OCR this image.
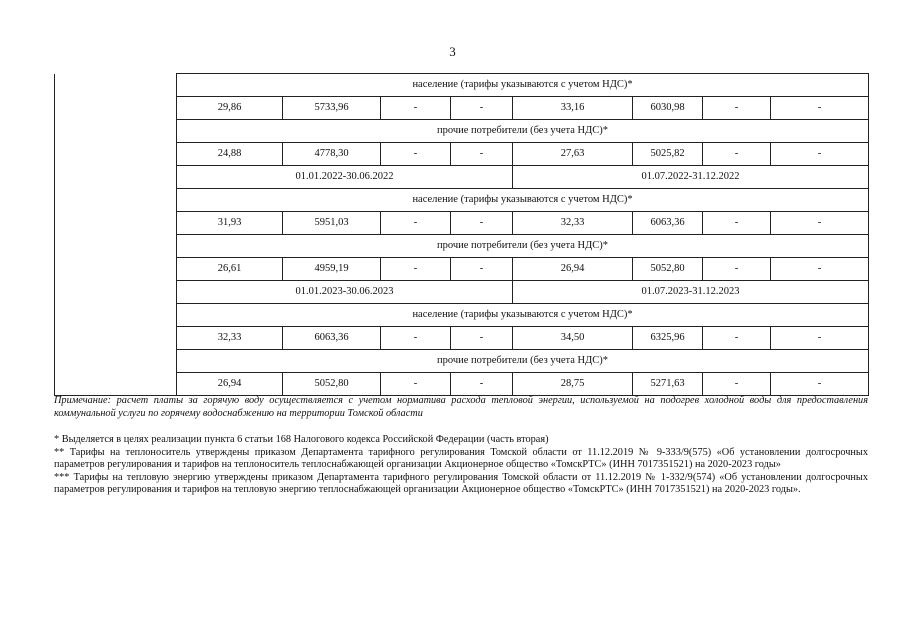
3
	население (тарифы указываются с учетом НДС)*							
	29,86	5733,96	-	-	33,16	6030,98	-	-
	прочие потребители (без учета НДС)*							
	24,88	4778,30	-	-	27,63	5025,82	-	-
	01.01.2022-30.06.2022				01.07.2022-31.12.2022			
	население (тарифы указываются с учетом НДС)*							
	31,93	5951,03	-	-	32,33	6063,36	-	-
	прочие потребители (без учета НДС)*							
	26,61	4959,19	-	-	26,94	5052,80	-	-
	01.01.2023-30.06.2023				01.07.2023-31.12.2023			
	население (тарифы указываются с учетом НДС)*							
	32,33	6063,36	-	-	34,50	6325,96	-	-
	прочие потребители (без учета НДС)*							
	26,94	5052,80	-	-	28,75	5271,63	-	-
Примечание: расчет платы за горячую воду осуществляется с учетом норматива расхода тепловой энергии, используемой на подогрев холодной воды для предоставления коммунальной услуги по горячему водоснабжению на территории Томской области

* Выделяется в целях реализации пункта 6 статьи 168 Налогового кодекса Российской Федерации (часть вторая)

** Тарифы на теплоноситель утверждены приказом Департамента тарифного регулирования Томской области от 11.12.2019 № 9-333/9(575) «Об установлении долгосрочных параметров регулирования и тарифов на теплоноситель теплоснабжающей организации Акционерное общество «ТомскРТС» (ИНН 7017351521) на 2020-2023 годы»

*** Тарифы на тепловую энергию утверждены приказом Департамента тарифного регулирования Томской области от 11.12.2019 № 1-332/9(574) «Об установлении долгосрочных параметров регулирования и тарифов на тепловую энергию теплоснабжающей организации Акционерное общество «ТомскРТС» (ИНН 7017351521) на 2020-2023 годы».
